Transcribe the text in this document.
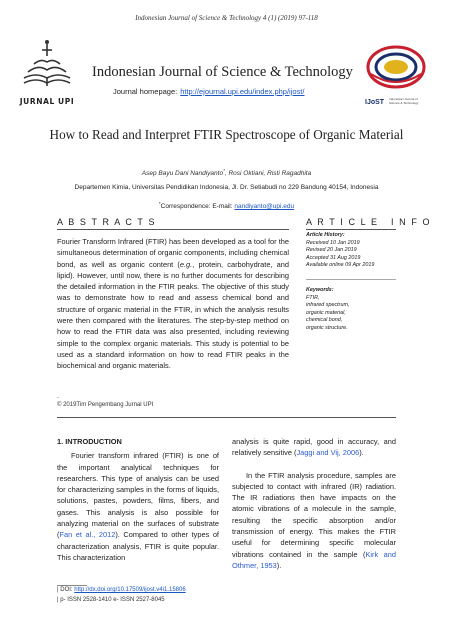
Indonesian Journal of Science & Technology 4 (1) (2019) 97-118
JURNAL UPI
Indonesian Journal of Science & Technology
Journal homepage: http://ejournal.upi.edu/index.php/ijost/
IJoST Indonesian Journal of Science & Technology
How to Read and Interpret FTIR Spectroscope of Organic Material
Asep Bayu Dani Nandiyanto*, Rosi Oktiani, Risti Ragadhita
Departemen Kimia, Universitas Pendidikan Indonesia, Jl. Dr. Setiabudi no 229 Bandung 40154, Indonesia
*Correspondence: E-mail: nandiyanto@upi.edu
A B S T R A C T S	A R T I C L E   I N F O
Fourier Transform Infrared (FTIR) has been developed as a tool for the simultaneous determination of organic components, including chemical bond, as well as organic content (e.g., protein, carbohydrate, and lipid). However, until now, there is no further documents for describing the detailed information in the FTIR peaks. The objective of this study was to demonstrate how to read and assess chemical bond and structure of organic material in the FTIR, in which the analysis results were then compared with the literatures. The step-by-step method on how to read the FTIR data was also presented, including reviewing simple to the complex organic materials. This study is potential to be used as a standard information on how to read FTIR peaks in the biochemical and organic materials.
.
© 2019Tim Pengembang Jurnal UPI
Article History:
Received 10 Jan 2019
Revised 20 Jan 2019
Accepted 31 Aug 2019
Available online 09 Apr 2019
Keywords:
FTIR,
infrared spectrum,
organic material,
chemical bond,
organic structure.
1. INTRODUCTION

Fourier transform infrared (FTIR) is one of the important analytical techniques for researchers. This type of analysis can be used for characterizing samples in the forms of liquids, solutions, pastes, powders, films, fibers, and gases. This analysis is also possible for analyzing material on the surfaces of substrate (Fan et al., 2012). Compared to other types of characterization analysis, FTIR is quite popular. This characterization

analysis is quite rapid, good in accuracy, and relatively sensitive (Jaggi and Vij, 2006).

In the FTIR analysis procedure, samples are subjected to contact with infrared (IR) radiation. The IR radiations then have impacts on the atomic vibrations of a molecule in the sample, resulting the specific absorption and/or transmission of energy. This makes the FTIR useful for determining specific molecular vibrations contained in the sample (Kirk and Othmer, 1953).

| DOI: http://dx.doi.org/10.17509/ijost.v4i1.15806
| p- ISSN 2528-1410 e- ISSN 2527-8045
